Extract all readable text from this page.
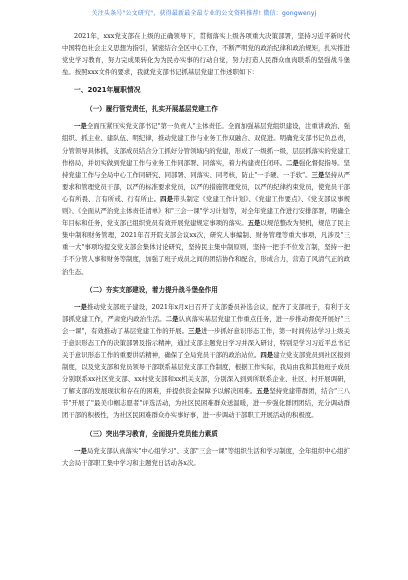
关注头条号"公文研究"，获得最新最全最专业的公文资料推荐! 微信：gongwenyj

2021年，xxx党支部在上级的正确领导下，贯彻落实上级各项重大决策部署，坚持习近平新时代中国特色社会主义思想为指引，紧密结合全区中心工作，不断严明党的政治纪律和政治规矩，扎实推进党史学习教育，努力完成果转化为为民办实事的行动自觉，努力打造人民群众血肉联系的坚强战斗堡垒。按照xxx文件的要求，我就党支部书记抓基层党建工作述职如下：

一、2021年履职情况
（一）履行管党责任，扎实开展基层党建工作

一是全面压紧压实党支部书记"第一负责人"主体责任。全面加强基层党组织建设，注重讲政治、强组织、抓主业、建队伍、明纪律，推动党建工作与业务工作双融合、双促进。明确党支部书记负总责，分管领导具体抓，支部成员结合分工抓好分管领域内的党建，形成了一级抓一级，层层抓落实的党建工作格局，并切实做到党建工作与业务工作同部署、同落实，着力构建责任闭环。二是强化督促指导。坚持党建工作与全局中心工作同研究、同部署、同落实、同考核，防止"一手硬、一手软"。三是坚持从严要求和管理党员干部，以严的标准要求党员，以严的措施管理党员，以严的纪律约束党员，使党员干部心有所畏、言有所戒、行有所止。四是带头制定《党建工作计划》、《党建工作要点》、《党支部议事规则》、《全面从严治党主体责任清单》和"三会一课"学习计划等，对全年党建工作进行安排部署，明确全年目标和任务，党支部已组织党员有效开展党建规定事项的落实。五是以规范整改为契机，规范了民主集中制和财务管理，2021年召开院支部会议xx次，研究人事编制、财务管理等重大事项，凡涉及"三重一大"事项均提交党支部会集体讨论研究，坚持民主集中制原则，坚持一把手不位发言制，坚持一把手不分管人事和财务等制度，加强了班子成员之间的团结协作和配合，形成合力，营造了风清气正的政治生态。

（二）夯实支部建设，着力提升战斗堡垒作用

一是推动党支部班子建设，2021年x月x日召开了支部委员补选会议，配齐了支部班子，有利于支部抓党建工作，严肃党内政治生活。二是认真落实基层党建工作重点任务，进一步推动督促开展好"三会一课"，有效推动了基层党建工作的开展。三是进一步抓好意识形态工作，第一时间传达学习上级关于意识形态工作的决策部署及指示精神，通过支部主题党日学习并深入研讨，特别是学习习近平总书记关于意识形态工作的重要讲话精神，确保了全局党员干部的政治站位。四是建立党支部党员到社区报到制度，以及党支部和党员领导干部联系基层党支部工作制度，根据工作实际，我局由我和其他班子成员分别联系xx社区党支部、xx村党支部和xx机关支部，分别深入到到所联系企业、社区、村开展调研，了解支部的发展现状和存在的困难，并提供资金保障予以解决困难。五是坚持党建带群团，结合"三八节"开展了"最美巾帼志愿者"评选活动，为社区民困难群众送温暖，进一步强化群团团结，充分调动群团干部的积极性，为社区民困难群众办实事好事，进一步调动干部职工开展活动的积极度。

（三）突出学习教育，全面提升党员能力素质

一是局党支部认真落实"中心组学习"、支部"三会一课"等组织生活和学习制度，全年组织中心组扩大会局干部职工集中学习和主题党日活动各x次。
